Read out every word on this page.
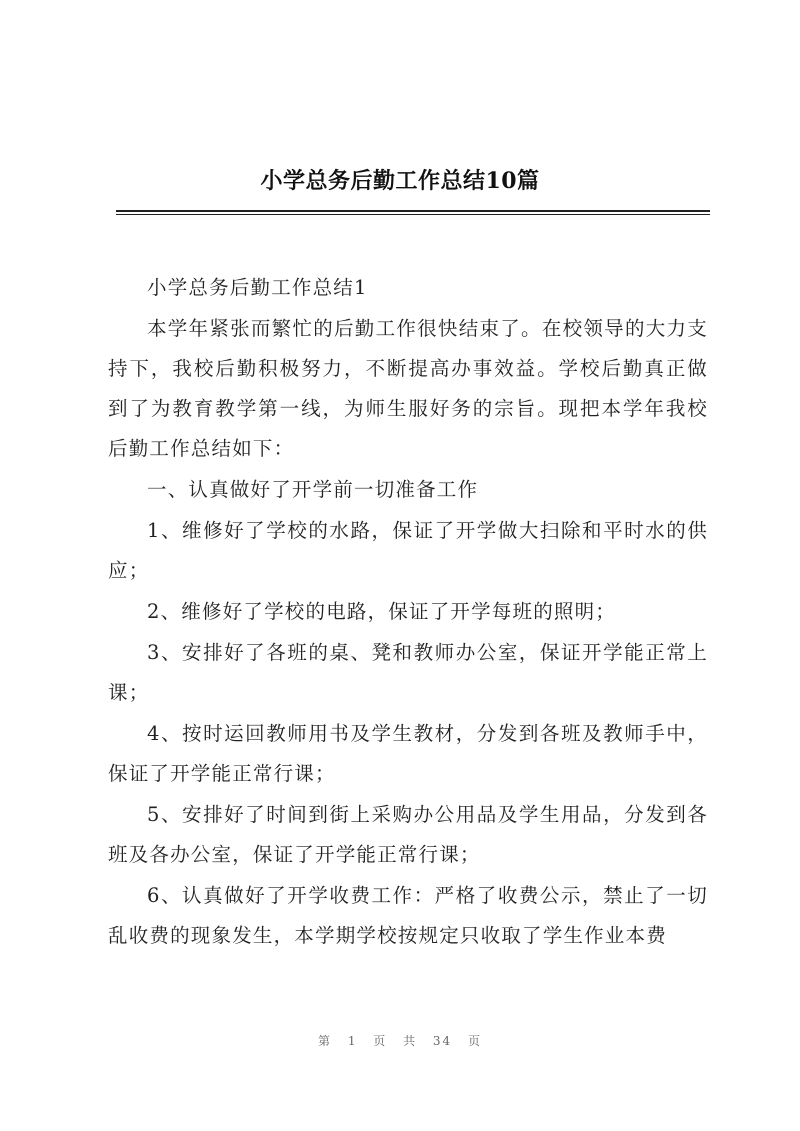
小学总务后勤工作总结10篇

小学总务后勤工作总结1

本学年紧张而繁忙的后勤工作很快结束了。在校领导的大力支持下，我校后勤积极努力，不断提高办事效益。学校后勤真正做到了为教育教学第一线，为师生服好务的宗旨。现把本学年我校后勤工作总结如下：

一、认真做好了开学前一切准备工作

1、维修好了学校的水路，保证了开学做大扫除和平时水的供应；

2、维修好了学校的电路，保证了开学每班的照明；

3、安排好了各班的桌、凳和教师办公室，保证开学能正常上课；

4、按时运回教师用书及学生教材，分发到各班及教师手中，保证了开学能正常行课；

5、安排好了时间到街上采购办公用品及学生用品，分发到各班及各办公室，保证了开学能正常行课；

6、认真做好了开学收费工作：严格了收费公示，禁止了一切乱收费的现象发生，本学期学校按规定只收取了学生作业本费

第 1 页 共 34 页
